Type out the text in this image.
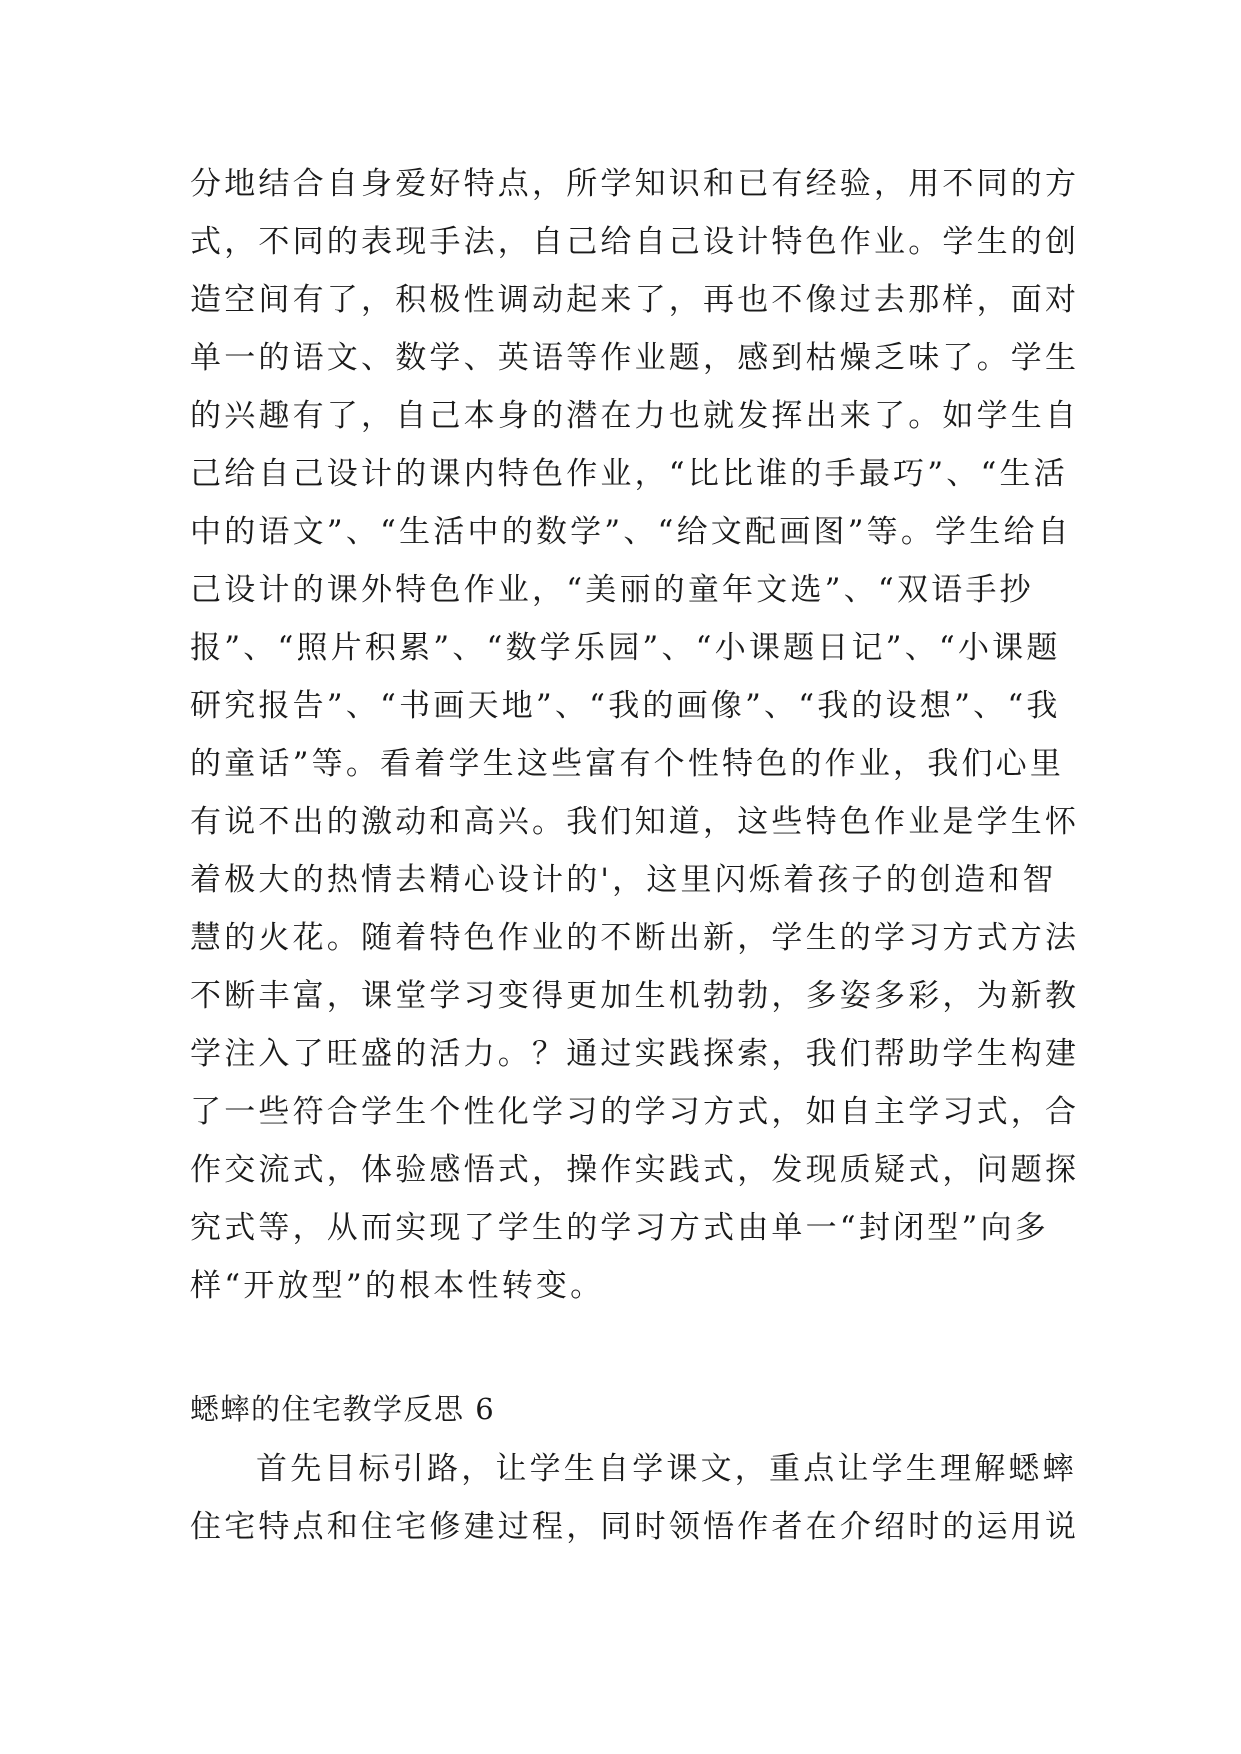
分地结合自身爱好特点，所学知识和已有经验，用不同的方
式，不同的表现手法，自己给自己设计特色作业。学生的创
造空间有了，积极性调动起来了，再也不像过去那样，面对
单一的语文、数学、英语等作业题，感到枯燥乏味了。学生
的兴趣有了，自己本身的潜在力也就发挥出来了。如学生自
己给自己设计的课内特色作业，“比比谁的手最巧”、“生活
中的语文”、“生活中的数学”、“给文配画图”等。学生给自
己设计的课外特色作业，“美丽的童年文选”、“双语手抄
报”、“照片积累”、“数学乐园”、“小课题日记”、“小课题
研究报告”、“书画天地”、“我的画像”、“我的设想”、“我
的童话”等。看着学生这些富有个性特色的作业，我们心里
有说不出的激动和高兴。我们知道，这些特色作业是学生怀
着极大的热情去精心设计的'，这里闪烁着孩子的创造和智
慧的火花。随着特色作业的不断出新，学生的学习方式方法
不断丰富，课堂学习变得更加生机勃勃，多姿多彩，为新教
学注入了旺盛的活力。？通过实践探索，我们帮助学生构建
了一些符合学生个性化学习的学习方式，如自主学习式，合
作交流式，体验感悟式，操作实践式，发现质疑式，问题探
究式等，从而实现了学生的学习方式由单一“封闭型”向多
样“开放型”的根本性转变。
蟋蟀的住宅教学反思 6
首先目标引路，让学生自学课文，重点让学生理解蟋蟀
住宅特点和住宅修建过程，同时领悟作者在介绍时的运用说
